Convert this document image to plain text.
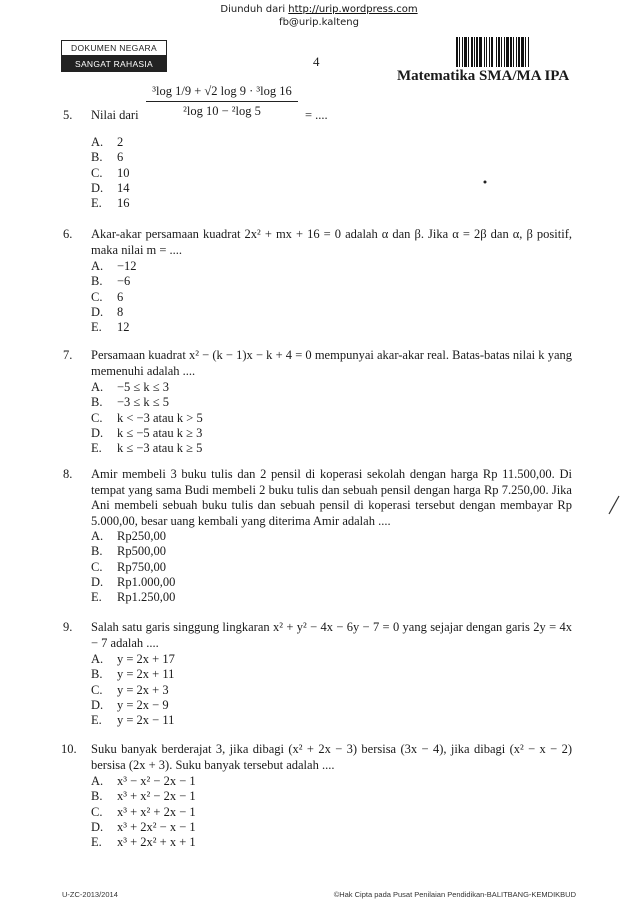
Diunduh dari http://urip.wordpress.com
fb@urip.kalteng
DOKUMEN NEGARA
SANGAT RAHASIA	4
Matematika SMA/MA IPA
5.	Nilai dari $\frac{\text{³log 1/9 + √2 log 9 · ³log 16}}{\text{²log 10 − ²log 5}}$ = ....
A.	2
B.	6
C.	10
D.	14
E.	16
6.	Akar-akar persamaan kuadrat 2x² + mx + 16 = 0 adalah α dan β. Jika α = 2β dan α, β positif, maka nilai m = ....
A.	−12
B.	−6
C.	6
D.	8
E.	12
7.	Persamaan kuadrat x² − (k − 1)x − k + 4 = 0 mempunyai akar-akar real. Batas-batas nilai k yang memenuhi adalah ....
A.	−5 ≤ k ≤ 3
B.	−3 ≤ k ≤ 5
C.	k < −3 atau k > 5
D.	k ≤ −5 atau k ≥ 3
E.	k ≤ −3 atau k ≥ 5
8.	Amir membeli 3 buku tulis dan 2 pensil di koperasi sekolah dengan harga Rp 11.500,00. Di tempat yang sama Budi membeli 2 buku tulis dan sebuah pensil dengan harga Rp 7.250,00. Jika Ani membeli sebuah buku tulis dan sebuah pensil di koperasi tersebut dengan membayar Rp 5.000,00, besar uang kembali yang diterima Amir adalah ....
A.	Rp250,00
B.	Rp500,00
C.	Rp750,00
D.	Rp1.000,00
E.	Rp1.250,00
9.	Salah satu garis singgung lingkaran x² + y² − 4x − 6y − 7 = 0 yang sejajar dengan garis 2y = 4x − 7 adalah ....
A.	y = 2x + 17
B.	y = 2x + 11
C.	y = 2x + 3
D.	y = 2x − 9
E.	y = 2x − 11
10.	Suku banyak berderajat 3, jika dibagi (x² + 2x − 3) bersisa (3x − 4), jika dibagi (x² − x − 2) bersisa (2x + 3). Suku banyak tersebut adalah ....
A.	x³ − x² − 2x − 1
B.	x³ + x² − 2x − 1
C.	x³ + x² + 2x − 1
D.	x³ + 2x² − x − 1
E.	x³ + 2x² + x + 1
U-ZC-2013/2014	©Hak Cipta pada Pusat Penilaian Pendidikan-BALITBANG-KEMDIKBUD
